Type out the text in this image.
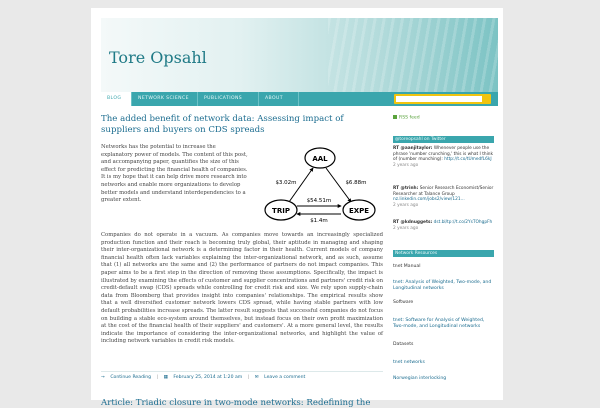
Tore Opsahl
BLOG	NETWORK SCIENCE	PUBLICATIONS	ABOUT
The added benefit of network data: Assessing impact of suppliers and buyers on CDS spreads

Networks has the potential to increase the explanatory power of models. The content of this post, and accompanying paper, quantifies the size of this effect for predicting the financial health of companies. It is my hope that it can help drive more research into networks and enable more organizations to develop better models and understand interdependencies to a greater extent.

AAL
TRIP	EXPE
$3.02m	$6.88m
$54.51m
$1.4m

Companies do not operate in a vacuum. As companies move towards an increasingly specialized production function and their reach is becoming truly global, their aptitude in managing and shaping their inter-organizational network is a determining factor in their health. Current models of company financial health often lack variables explaining the inter-organizational network, and as such, assume that (1) all networks are the same and (2) the performance of partners do not impact companies. This paper aims to be a first step in the direction of removing these assumptions. Specifically, the impact is illustrated by examining the effects of customer and supplier concentrations and partners' credit risk on credit-default swap (CDS) spreads while controlling for credit risk and size. We rely upon supply-chain data from Bloomberg that provides insight into companies' relationships. The empirical results show that a well diversified customer network lowers CDS spread, while having stable partners with low default probabilities increase spreads. The latter result suggests that successful companies do not focus on building a stable eco-system around themselves, but instead focus on their own profit maximization at the cost of the financial health of their suppliers' and customers'. At a more general level, the results indicate the importance of considering the inter-organizational networks, and highlight the value of including network variables in credit risk models.

→ Continue Reading | ▦ February 25, 2014 at 1:20 am | ✉ Leave a comment
Article: Triadic closure in two-mode networks: Redefining the
RSS feed
@toreopsahl on Twitter
RT @aanjitaylor: Whenever people use the phrase 'number crunching,' this is what I think of (number munching): http://t.co/tUmedfL6kJ
2 years ago
RT @trinh: Senior Research Economist/Senior Researcher at Talance Group nz.linkedin.com/jobs2/view/121...
2 years ago
RT @kdnuggets: dst.bl/tp://t.co/2YsTOhgpFh
2 years ago
Network Resources
tnet Manual
tnet: Analysis of Weighted, Two-mode, and Longitudinal networks
Software
tnet: Software for Analysis of Weighted, Two-mode, and Longitudinal networks
Datasets
tnet networks
Norwegian interlocking
